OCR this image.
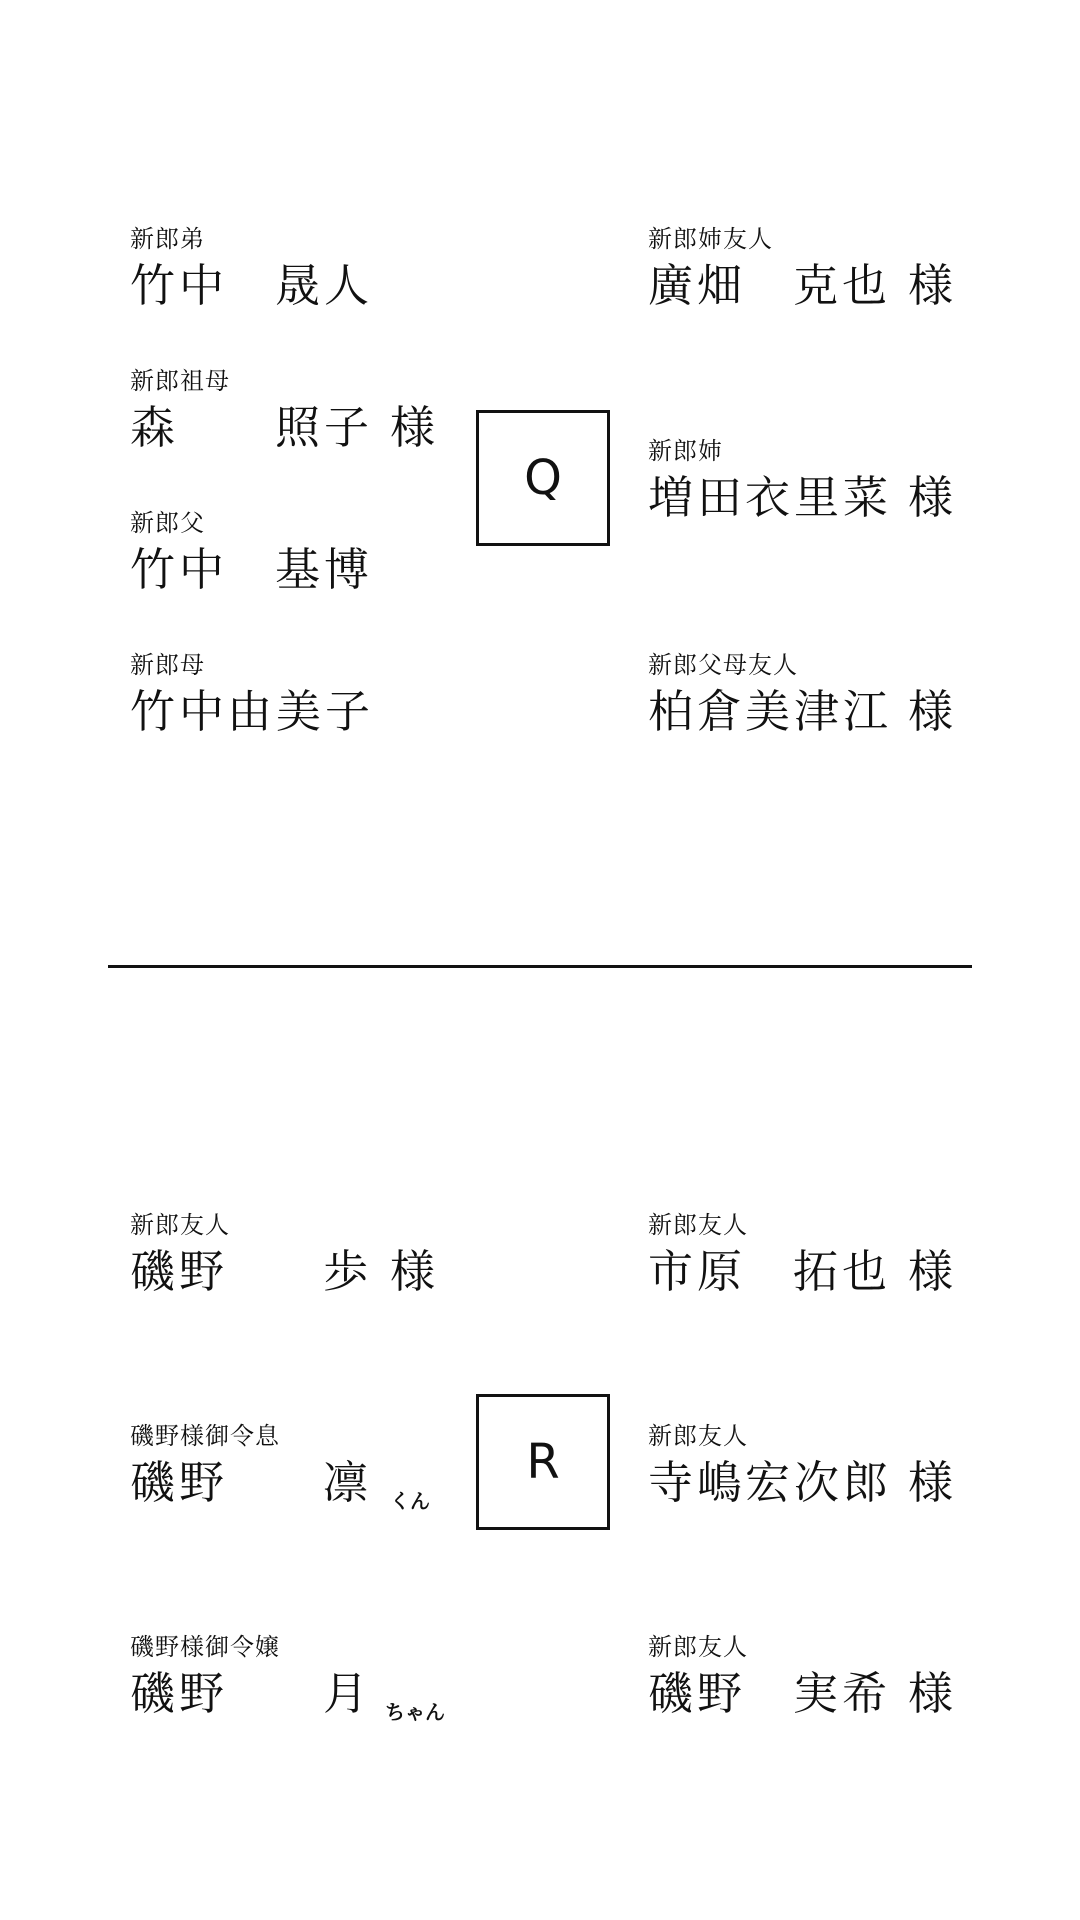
新郎弟
竹中 晟人
新郎祖母
森 照子 様
新郎父
竹中 基博
新郎母
竹中
由美子
Q
新郎姉友人
廣畑 克也 様
新郎姉
増田
衣里菜 様
新郎父母友人
柏倉
美津江 様
新郎友人
磯野 歩 様
磯野様御令息
磯野 凛 くん
磯野様御令嬢
磯野 月 ちゃん
R
新郎友人
市原 拓也 様
新郎友人
寺嶋
宏次郎 様
新郎友人
磯野 実希 様
